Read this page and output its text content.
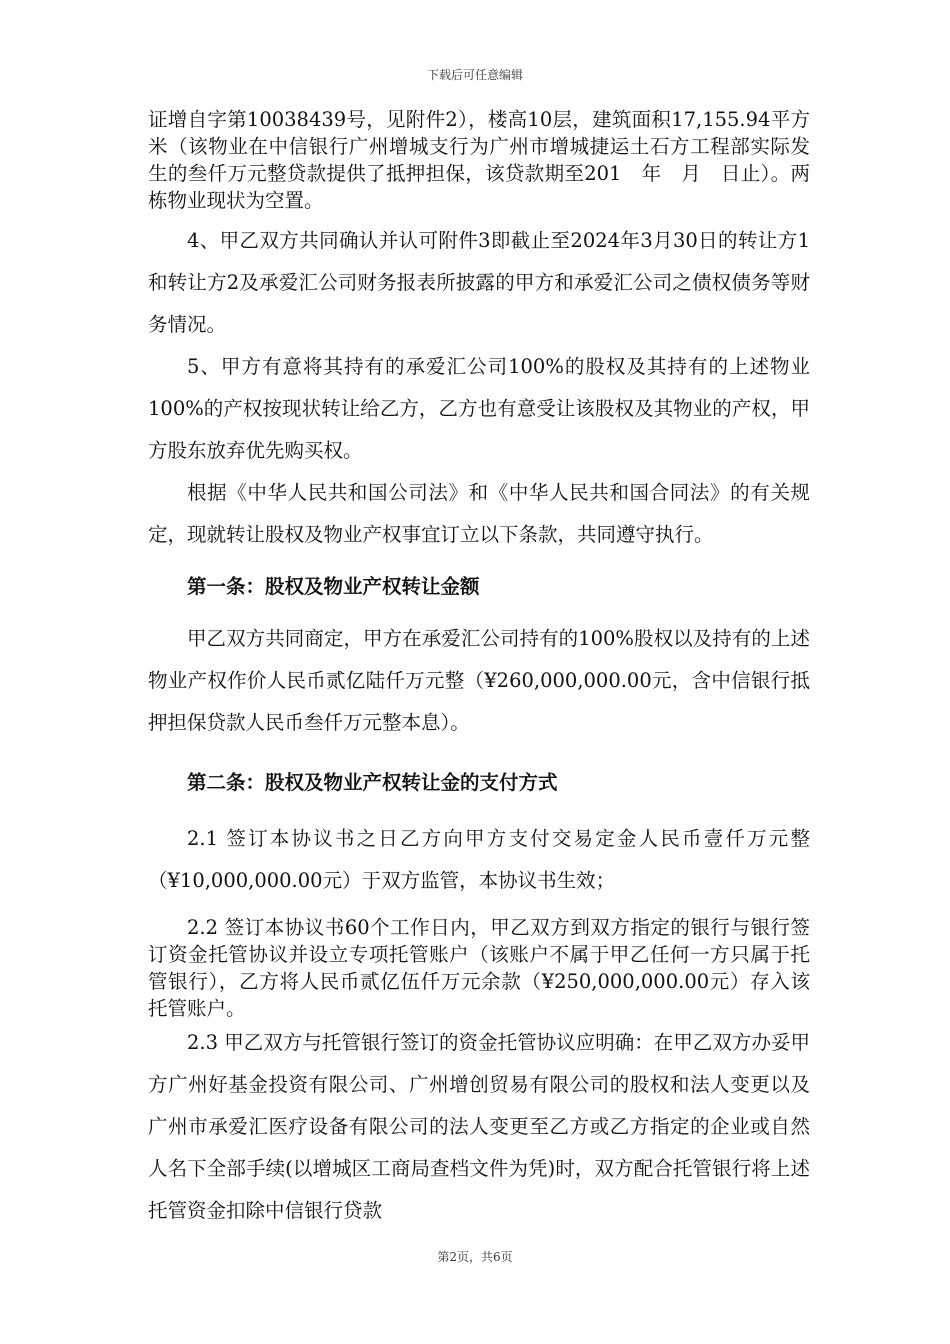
下载后可任意编辑

证增自字第10038439号，见附件2），楼高10层，建筑面积17,155.94平方米（该物业在中信银行广州增城支行为广州市增城捷运土石方工程部实际发生的叁仟万元整贷款提供了抵押担保，该贷款期至201　年　月　日止）。两栋物业现状为空置。

4、甲乙双方共同确认并认可附件3即截止至2024年3月30日的转让方1和转让方2及承爱汇公司财务报表所披露的甲方和承爱汇公司之债权债务等财务情况。

5、甲方有意将其持有的承爱汇公司100%的股权及其持有的上述物业100%的产权按现状转让给乙方，乙方也有意受让该股权及其物业的产权，甲方股东放弃优先购买权。

根据《中华人民共和国公司法》和《中华人民共和国合同法》的有关规定，现就转让股权及物业产权事宜订立以下条款，共同遵守执行。

第一条：股权及物业产权转让金额

甲乙双方共同商定，甲方在承爱汇公司持有的100%股权以及持有的上述物业产权作价人民币贰亿陆仟万元整（¥260,000,000.00元，含中信银行抵押担保贷款人民币叁仟万元整本息）。

第二条：股权及物业产权转让金的支付方式

2.1 签订本协议书之日乙方向甲方支付交易定金人民币壹仟万元整（¥10,000,000.00元）于双方监管，本协议书生效；

2.2 签订本协议书60个工作日内，甲乙双方到双方指定的银行与银行签订资金托管协议并设立专项托管账户（该账户不属于甲乙任何一方只属于托管银行），乙方将人民币贰亿伍仟万元余款（¥250,000,000.00元）存入该托管账户。

2.3 甲乙双方与托管银行签订的资金托管协议应明确：在甲乙双方办妥甲方广州好基金投资有限公司、广州增创贸易有限公司的股权和法人变更以及广州市承爱汇医疗设备有限公司的法人变更至乙方或乙方指定的企业或自然人名下全部手续(以增城区工商局查档文件为凭)时，双方配合托管银行将上述托管资金扣除中信银行贷款

第2页，共6页
